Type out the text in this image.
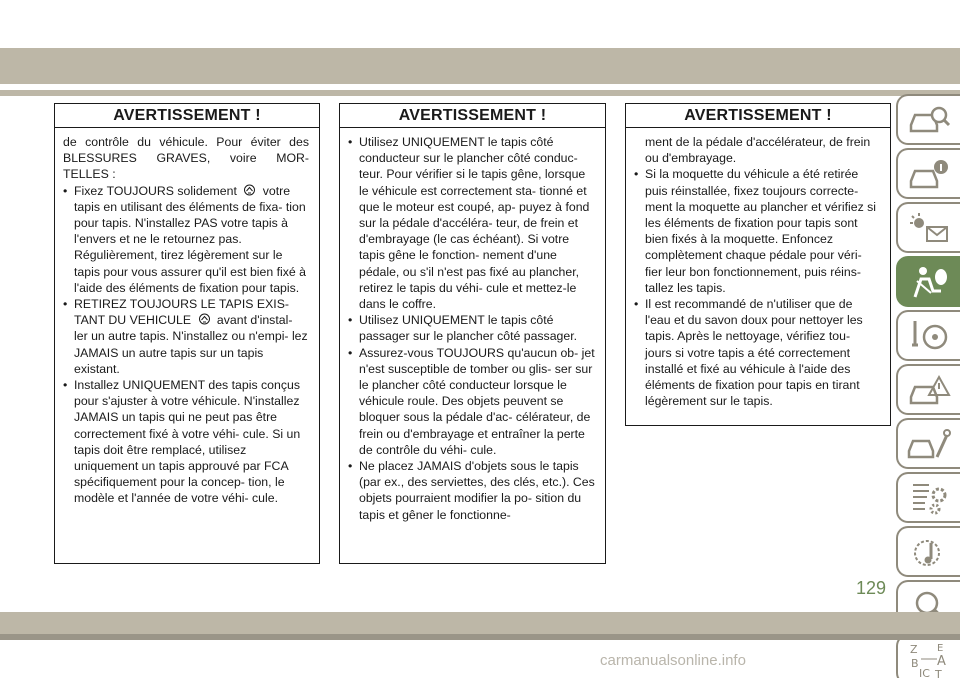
AVERTISSEMENT !

de contrôle du véhicule. Pour éviter des BLESSURES GRAVES, voire MOR- TELLES :

• Fixez TOUJOURS solidement votre tapis en utilisant des éléments de fixa- tion pour tapis. N'installez PAS votre tapis à l'envers et ne le retournez pas. Régulièrement, tirez légèrement sur le tapis pour vous assurer qu'il est bien fixé à l'aide des éléments de fixation pour tapis.
• RETIREZ TOUJOURS LE TAPIS EXIS- TANT DU VEHICULE avant d'instal- ler un autre tapis. N'installez ou n'empi- lez JAMAIS un autre tapis sur un tapis existant.
• Installez UNIQUEMENT des tapis conçus pour s'ajuster à votre véhicule. N'installez JAMAIS un tapis qui ne peut pas être correctement fixé à votre véhi- cule. Si un tapis doit être remplacé, utilisez uniquement un tapis approuvé par FCA spécifiquement pour la concep- tion, le modèle et l'année de votre véhi- cule.
AVERTISSEMENT !
• Utilisez UNIQUEMENT le tapis côté conducteur sur le plancher côté conduc- teur. Pour vérifier si le tapis gêne, lorsque le véhicule est correctement sta- tionné et que le moteur est coupé, ap- puyez à fond sur la pédale d'accéléra- teur, de frein et d'embrayage (le cas échéant). Si votre tapis gêne le fonction- nement d'une pédale, ou s'il n'est pas fixé au plancher, retirez le tapis du véhi- cule et mettez-le dans le coffre.
• Utilisez UNIQUEMENT le tapis côté passager sur le plancher côté passager.
• Assurez-vous TOUJOURS qu'aucun ob- jet n'est susceptible de tomber ou glis- ser sur le plancher côté conducteur lorsque le véhicule roule. Des objets peuvent se bloquer sous la pédale d'ac- célérateur, de frein ou d'embrayage et entraîner la perte de contrôle du véhi- cule.
• Ne placez JAMAIS d'objets sous le tapis (par ex., des serviettes, des clés, etc.). Ces objets pourraient modifier la po- sition du tapis et gêner le fonctionne-
AVERTISSEMENT !

ment de la pédale d'accélérateur, de frein ou d'embrayage.

• Si la moquette du véhicule a été retirée puis réinstallée, fixez toujours correcte- ment la moquette au plancher et vérifiez si les éléments de fixation pour tapis sont bien fixés à la moquette. Enfoncez complètement chaque pédale pour véri- fier leur bon fonctionnement, puis réins- tallez les tapis.
• Il est recommandé de n'utiliser que de l'eau et du savon doux pour nettoyer les tapis. Après le nettoyage, vérifiez tou- jours si votre tapis a été correctement installé et fixé au véhicule à l'aide des éléments de fixation pour tapis en tirant légèrement sur le tapis.
Z E
B A
IC T
129
carmanualsonline.info
